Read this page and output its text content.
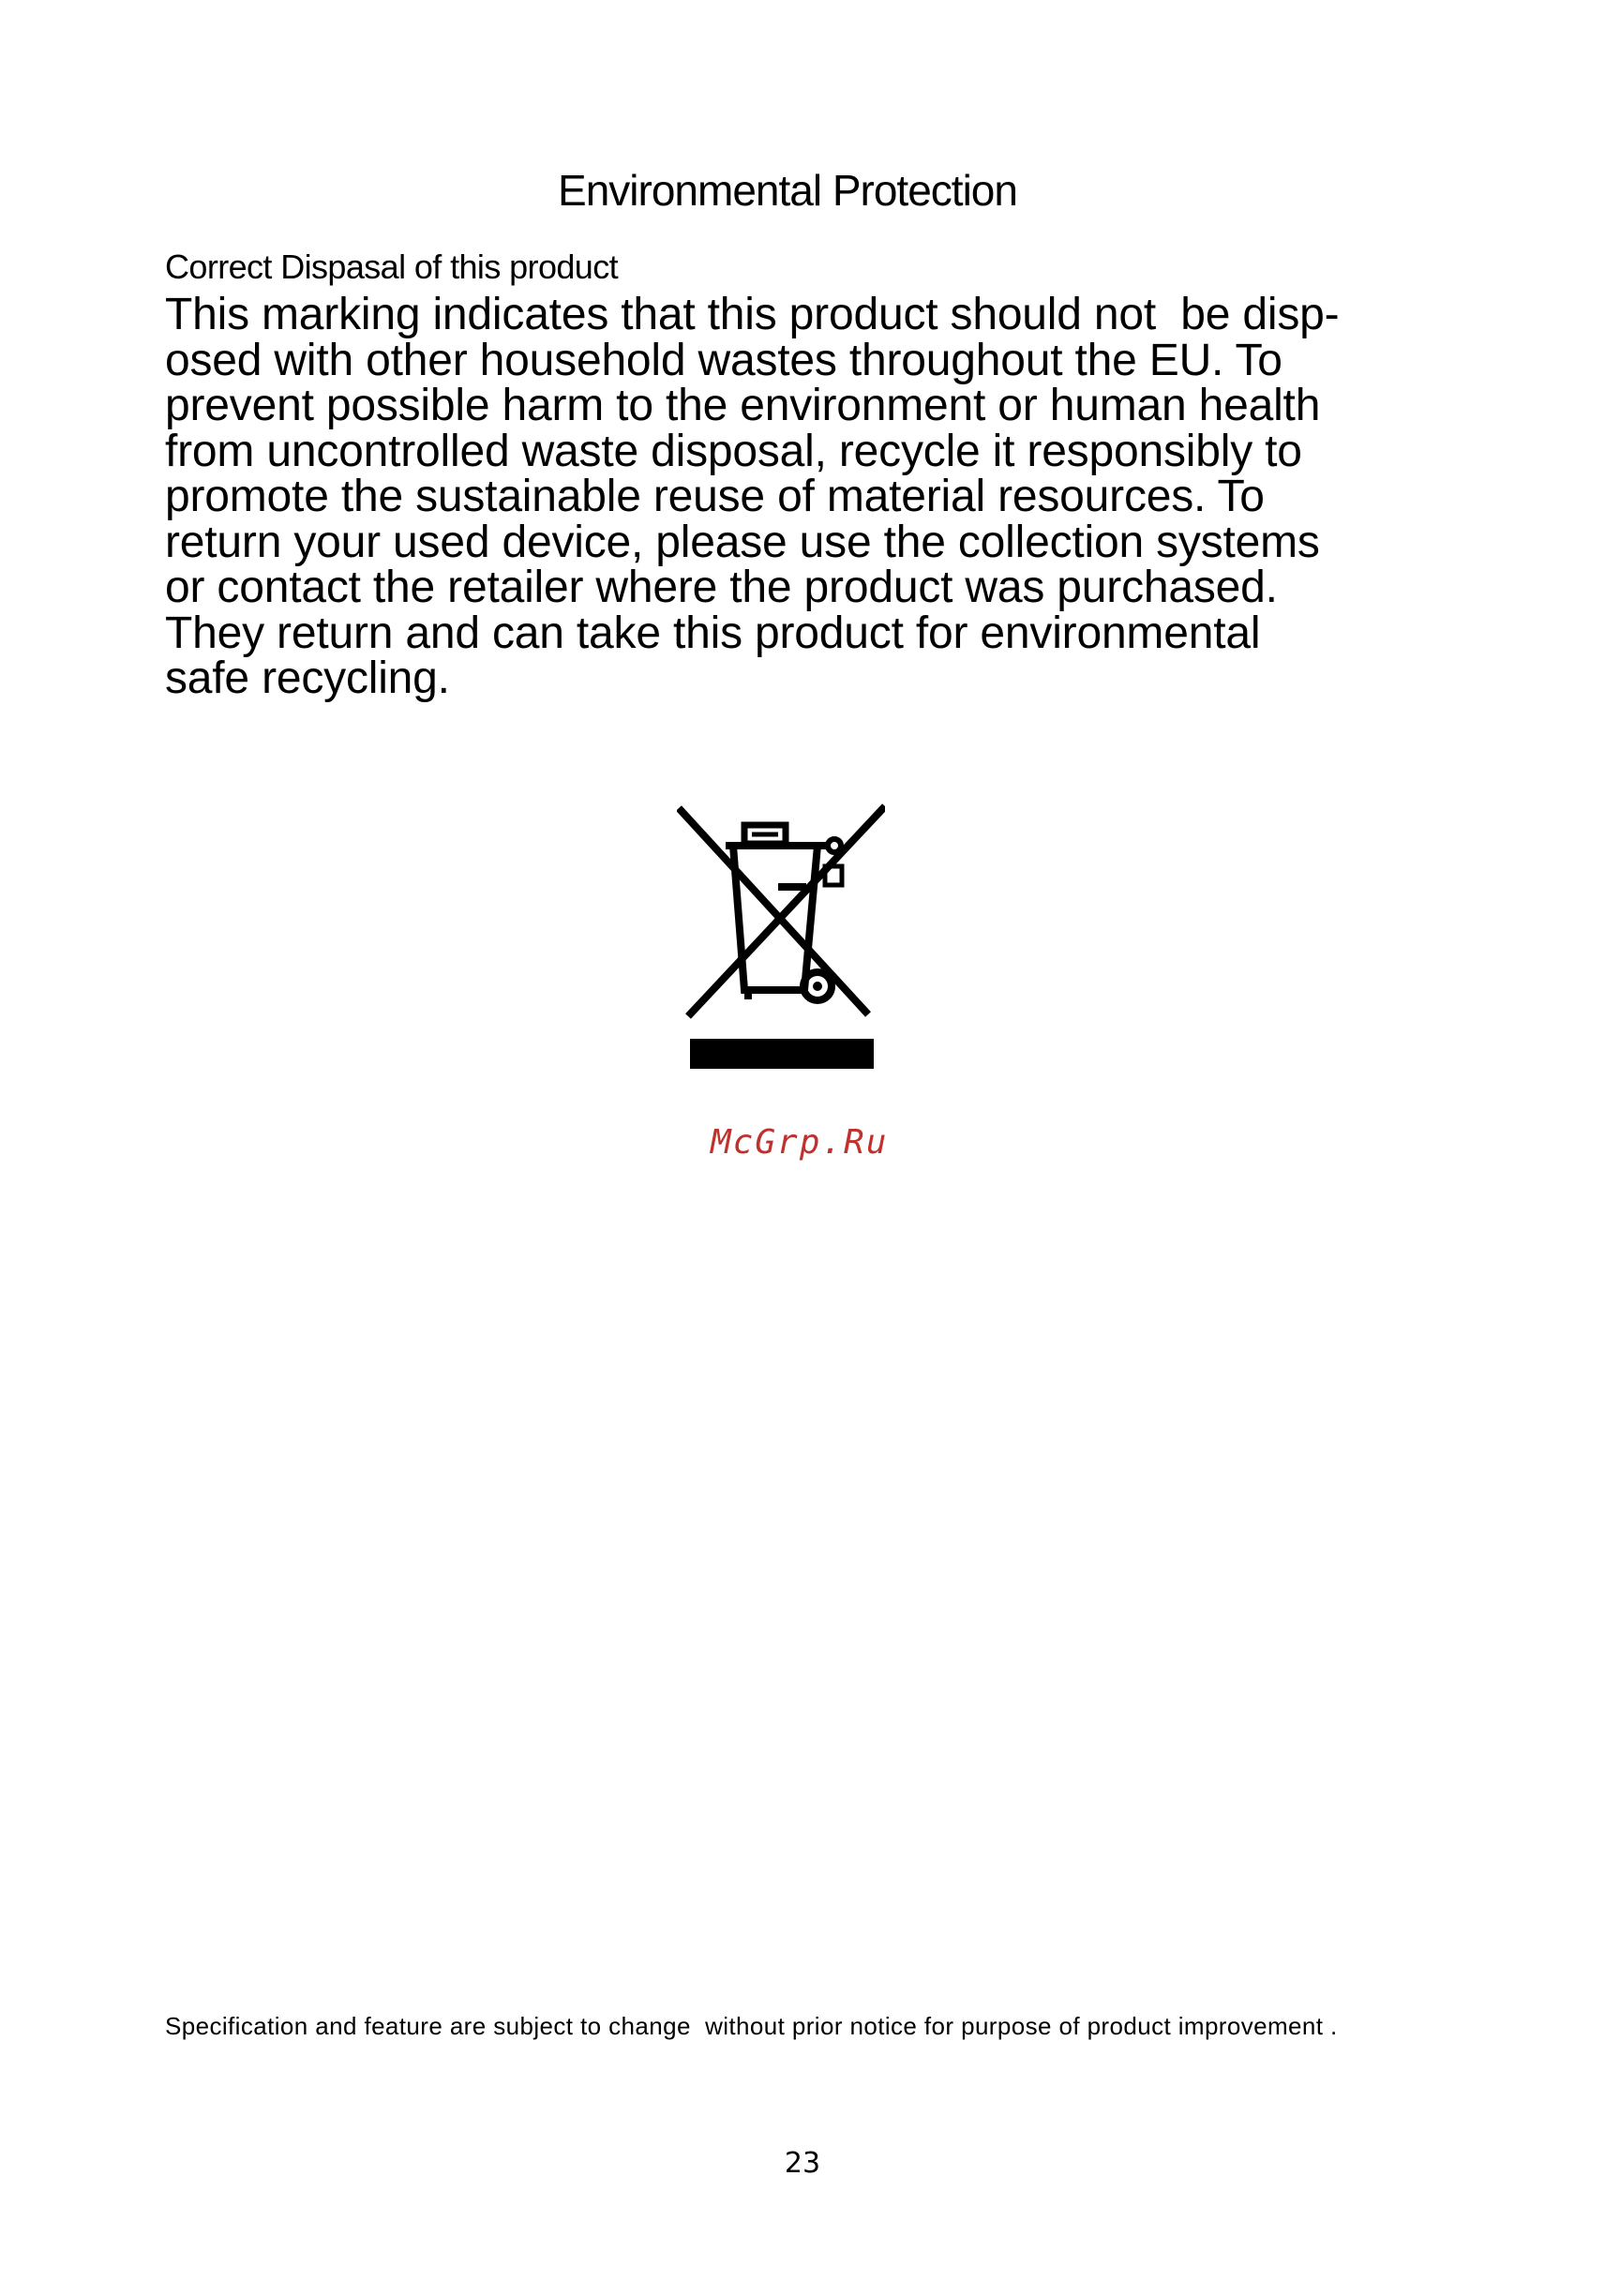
Environmental Protection
Correct Dispasal of this product
This marking indicates that this product should not  be disp-
osed with other household wastes throughout the EU. To
prevent possible harm to the environment or human health
from uncontrolled waste disposal, recycle it responsibly to
promote the sustainable reuse of material resources. To
return your used device, please use the collection systems
or contact the retailer where the product was purchased.
They return and can take this product for environmental
safe recycling.
McGrp.Ru
Specification and feature are subject to change  without prior notice for purpose of product improvement .
23
